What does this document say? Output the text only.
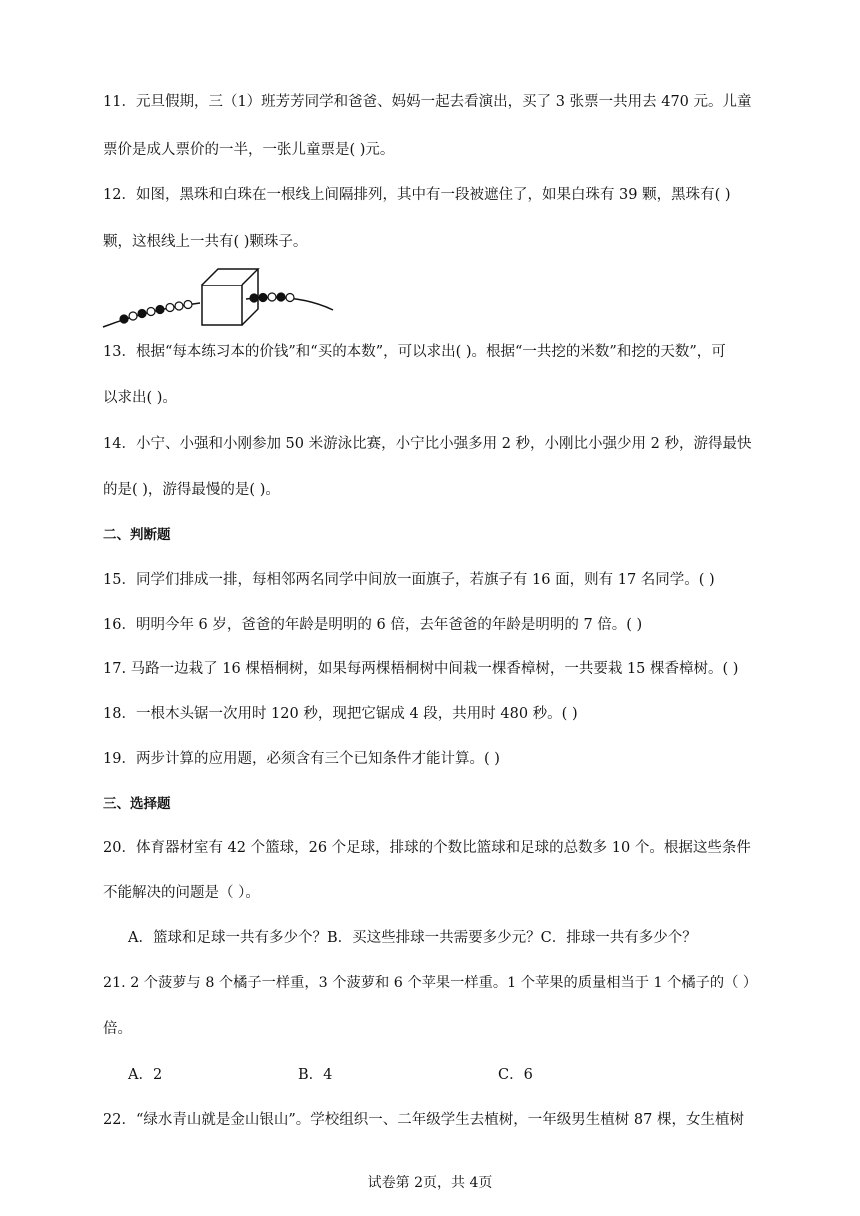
11．元旦假期，三（1）班芳芳同学和爸爸、妈妈一起去看演出，买了 3 张票一共用去 470 元。儿童
票价是成人票价的一半，一张儿童票是( )元。
12．如图，黑珠和白珠在一根线上间隔排列，其中有一段被遮住了，如果白珠有 39 颗，黑珠有( )
颗，这根线上一共有( )颗珠子。
13．根据“每本练习本的价钱”和“买的本数”，可以求出( )。根据“一共挖的米数”和挖的天数”，可
以求出( )。
14．小宁、小强和小刚参加 50 米游泳比赛，小宁比小强多用 2 秒，小刚比小强少用 2 秒，游得最快
的是( )，游得最慢的是( )。
二、判断题
15．同学们排成一排，每相邻两名同学中间放一面旗子，若旗子有 16 面，则有 17 名同学。( )
16．明明今年 6 岁，爸爸的年龄是明明的 6 倍，去年爸爸的年龄是明明的 7 倍。( )
17. 马路一边栽了 16 棵梧桐树，如果每两棵梧桐树中间栽一棵香樟树，一共要栽 15 棵香樟树。( )
18．一根木头锯一次用时 120 秒，现把它锯成 4 段，共用时 480 秒。( )
19．两步计算的应用题，必须含有三个已知条件才能计算。( )
三、选择题
20．体育器材室有 42 个篮球，26 个足球，排球的个数比篮球和足球的总数多 10 个。根据这些条件
不能解决的问题是（ ）。
A．篮球和足球一共有多少个？B．买这些排球一共需要多少元？C．排球一共有多少个？
21. 2 个菠萝与 8 个橘子一样重，3 个菠萝和 6 个苹果一样重。1 个苹果的质量相当于 1 个橘子的（ ）
倍。
A．2	B．4	C．6
22．“绿水青山就是金山银山”。学校组织一、二年级学生去植树，一年级男生植树 87 棵，女生植树
试卷第 2页，共 4页
